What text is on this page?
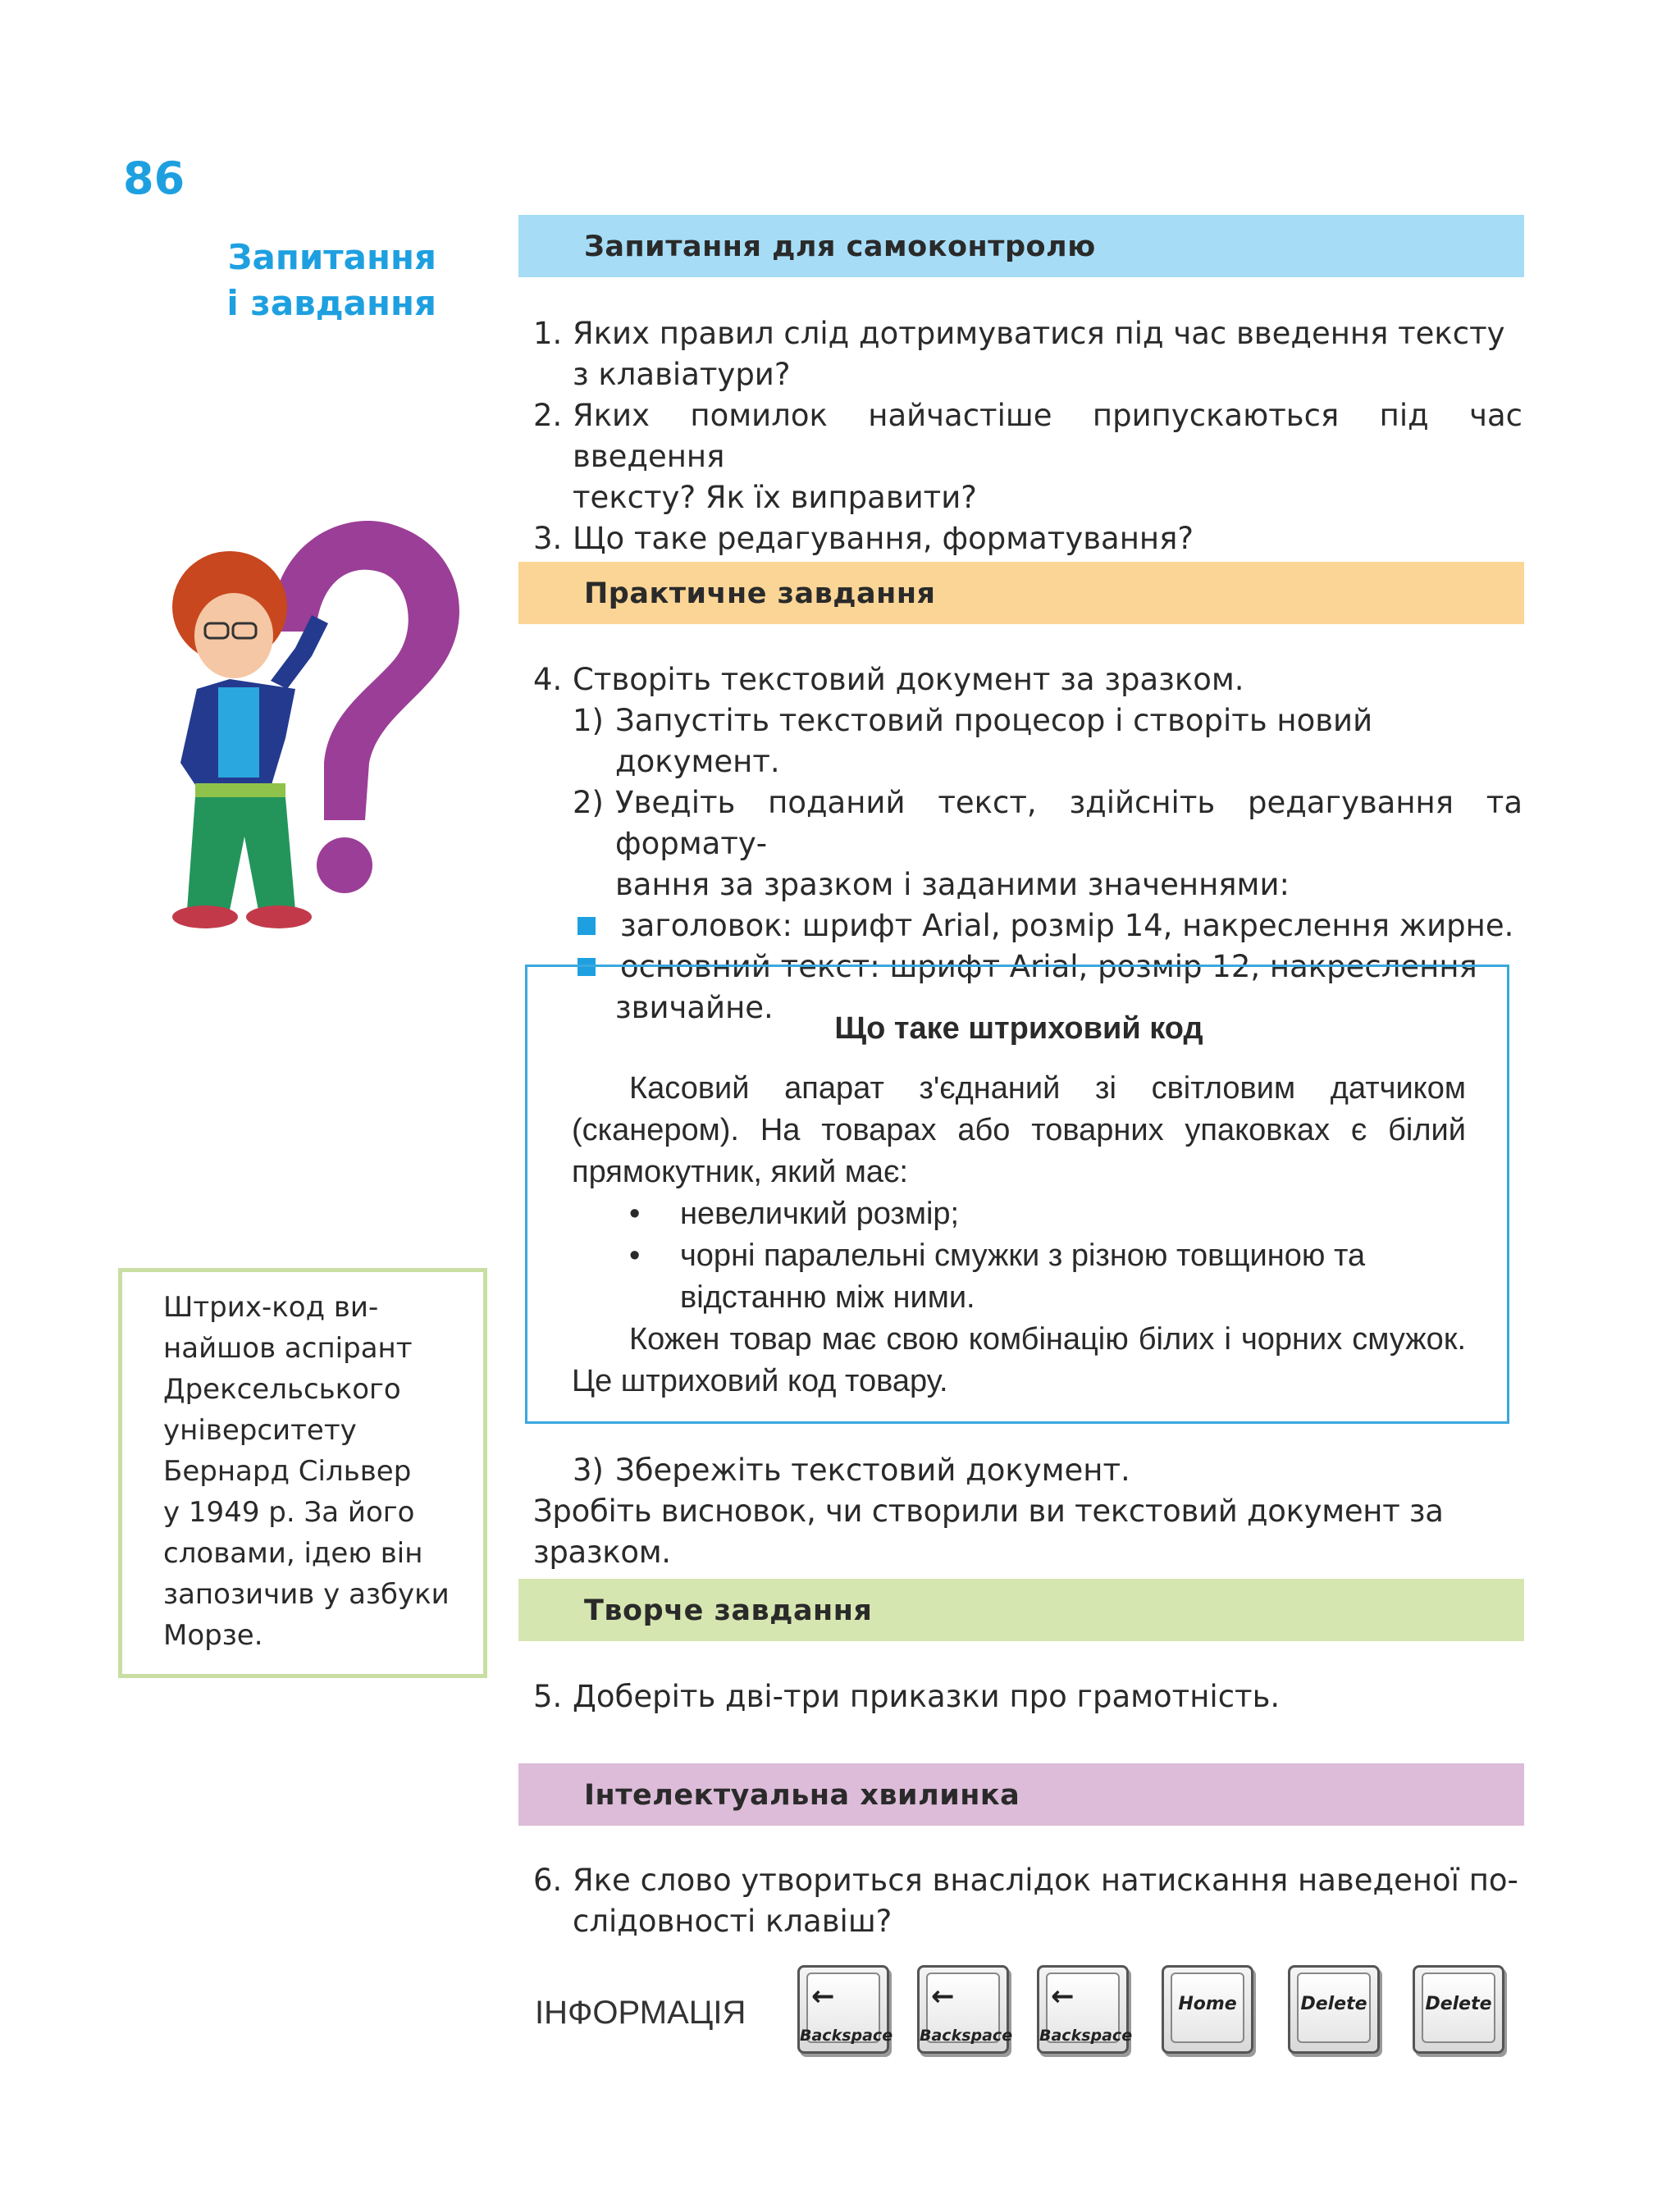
86
Запитання
і завдання
Запитання для самоконтролю
1. Яких правил слід дотримуватися під час введення тексту
з клавіатури?
2. Яких помилок найчастіше припускаються під час введення
тексту? Як їх виправити?
3. Що таке редагування, форматування?
Практичне завдання
4. Створіть текстовий документ за зразком.
1) Запустіть текстовий процесор і створіть новий документ.
2) Уведіть поданий текст, здійсніть редагування та формату-
вання за зразком і заданими значеннями:
заголовок: шрифт Arial, розмір 14, накреслення жирне.
основний текст: шрифт Arial, розмір 12, накреслення
звичайне.
Що таке штриховий код

Касовий апарат з'єднаний зі світловим датчиком (сканером). На товарах або товарних упаковках є білий прямокутник, який має:

•	невеличкий розмір;
•	чорні паралельні смужки з різною товщиною та відстанню між ними.

Кожен товар має свою комбінацію білих і чорних смужок. Це штриховий код товару.

3) Збережіть текстовий документ.
Зробіть висновок, чи створили ви текстовий документ за зразком.
Штрих-код ви-
найшов аспірант
Дрексельського
університету
Бернард Сільвер
у 1949 р. За його
словами, ідею він
запозичив у азбуки
Морзе.
Творче завдання
5. Доберіть дві-три приказки про грамотність.
Інтелектуальна хвилинка
6. Яке слово утвориться внаслідок натискання наведеної по-
слідовності клавіш?
ІНФОРМАЦІЯ ←
Backspace
←
Backspace
←
Backspace
Home	Delete	Delete
